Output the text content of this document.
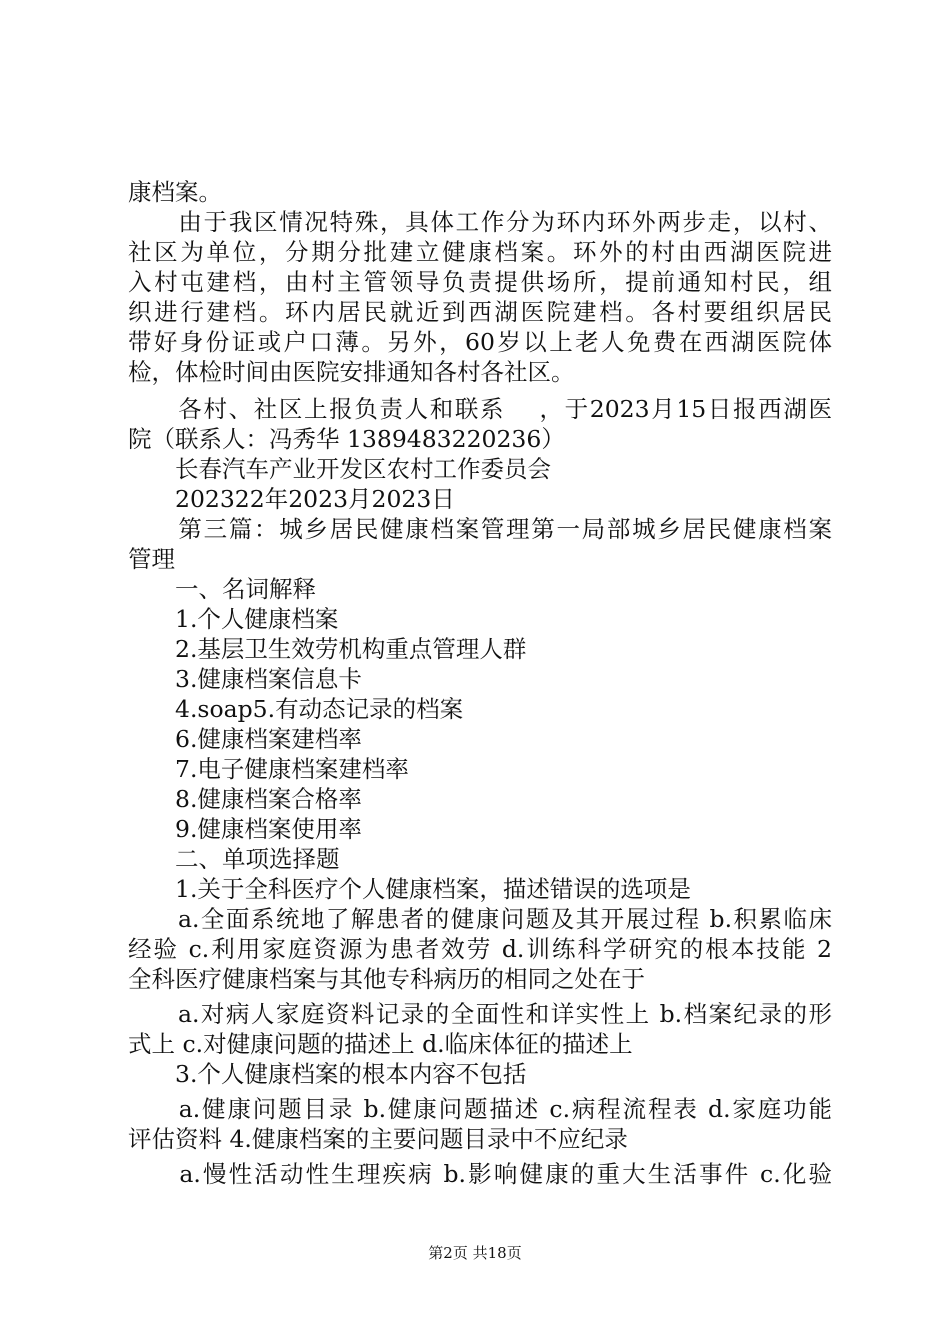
康档案。
　　由于我区情况特殊，具体工作分为环内环外两步走，以村、
社区为单位，分期分批建立健康档案。环外的村由西湖医院进
入村屯建档，由村主管领导负责提供场所，提前通知村民，组
织进行建档。环内居民就近到西湖医院建档。各村要组织居民
带好身份证或户口薄。另外，60岁以上老人免费在西湖医院体
检，体检时间由医院安排通知各村各社区。
　　各村、社区上报负责人和联系　 ，于2023月15日报西湖医
院（联系人：冯秀华 1389483220236）
　　长春汽车产业开发区农村工作委员会
　　202322年2023月2023日
　　第三篇：城乡居民健康档案管理第一局部城乡居民健康档案
管理
　　一、名词解释
　　1.个人健康档案
　　2.基层卫生效劳机构重点管理人群
　　3.健康档案信息卡
　　4.soap5.有动态记录的档案
　　6.健康档案建档率
　　7.电子健康档案建档率
　　8.健康档案合格率
　　9.健康档案使用率
　　二、单项选择题
　　1.关于全科医疗个人健康档案，描述错误的选项是
　　a.全面系统地了解患者的健康问题及其开展过程 b.积累临床
经验 c.利用家庭资源为患者效劳 d.训练科学研究的根本技能 2
全科医疗健康档案与其他专科病历的相同之处在于
　　a.对病人家庭资料记录的全面性和详实性上 b.档案纪录的形
式上 c.对健康问题的描述上 d.临床体征的描述上
　　3.个人健康档案的根本内容不包括
　　a.健康问题目录 b.健康问题描述 c.病程流程表 d.家庭功能
评估资料 4.健康档案的主要问题目录中不应纪录
　　a.慢性活动性生理疾病 b.影响健康的重大生活事件 c.化验
第2页 共18页
